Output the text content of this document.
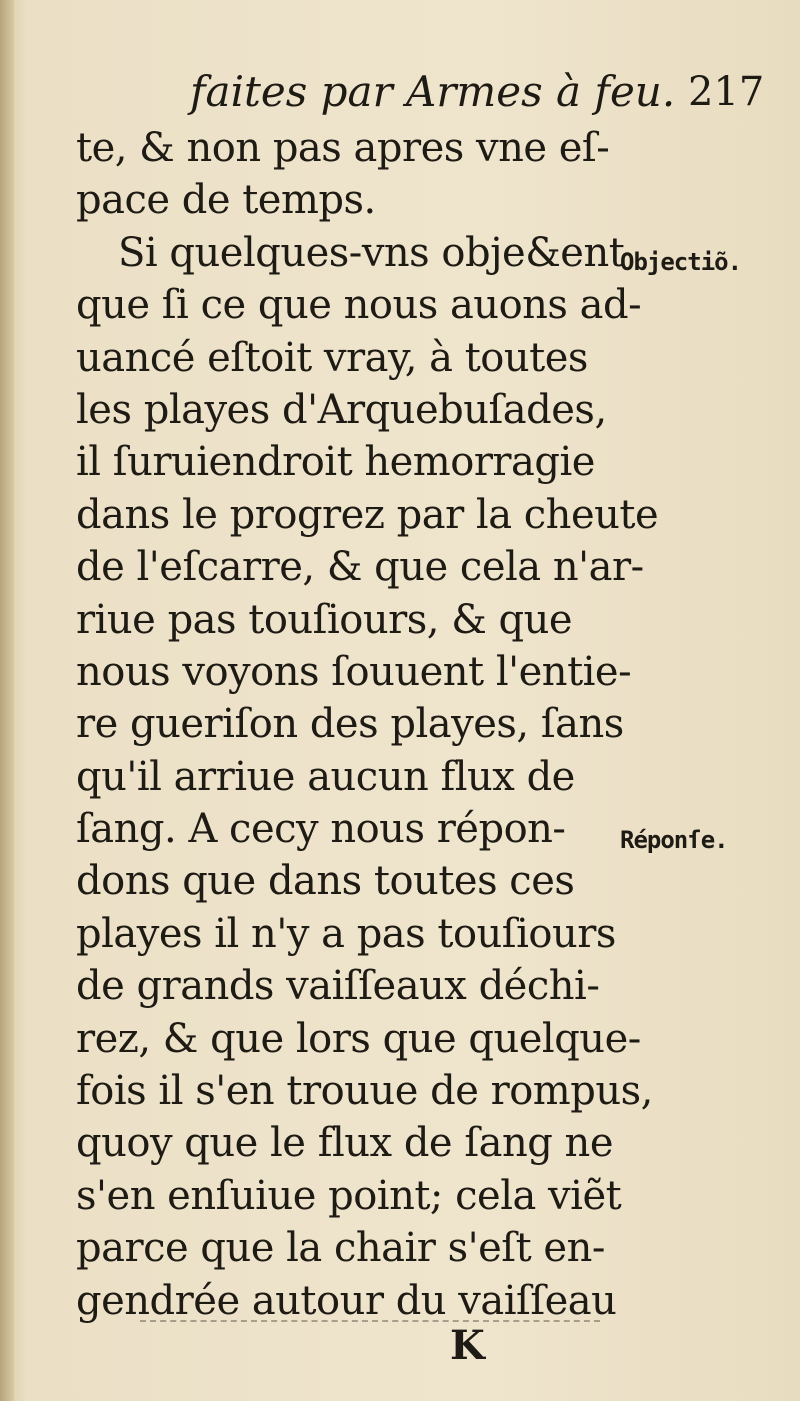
faites par Armes à feu. 217
te, & non pas apres vne eſ-
pace de temps.
Si quelques-vns obje&ent
que ſi ce que nous auons ad-
uancé eſtoit vray, à toutes
les playes d'Arquebuſades,
il ſuruiendroit hemorragie
dans le progrez par la cheute
de l'eſcarre, & que cela n'ar-
riue pas touſiours, & que
nous voyons ſouuent l'entie-
re gueriſon des playes, ſans
qu'il arriue aucun flux de
ſang. A cecy nous répon-
dons que dans toutes ces
playes il n'y a pas touſiours
de grands vaiſſeaux déchi-
rez, & que lors que quelque-
fois il s'en trouue de rompus,
quoy que le flux de ſang ne
s'en enſuiue point; cela viẽt
parce que la chair s'eſt en-
gendrée autour du vaiſſeau
Objectiõ.
Réponſe.
K
